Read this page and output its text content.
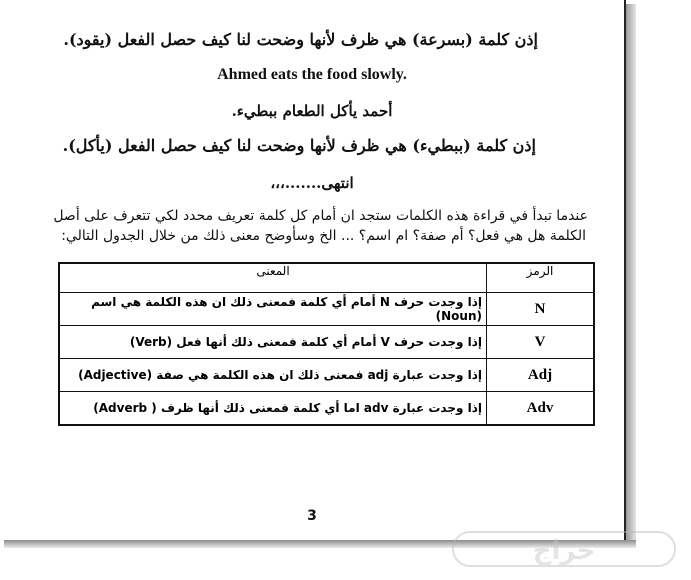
إذن كلمة (بسرعة) هي ظرف لأنها وضحت لنا كيف حصل الفعل (يقود).
Ahmed eats the food slowly.
أحمد يأكل الطعام ببطيء.
إذن كلمة (ببطيء) هي ظرف لأنها وضحت لنا كيف حصل الفعل (يأكل).
انتهى.......،،،
عندما تبدأ في قراءة هذه الكلمات ستجد ان أمام كل كلمة تعريف محدد لكي تتعرف على أصل
الكلمة هل هي فعل؟ أم صفة؟ ام اسم؟ ... الخ وسأوضح معنى ذلك من خلال الجدول التالي:
المعنى	الرمز
إذا وجدت حرف N أمام أي كلمة فمعنى ذلك ان هذه الكلمة هي اسم (Noun)	N
إذا وجدت حرف V أمام أي كلمة فمعنى ذلك أنها فعل (Verb)	V
إذا وجدت عبارة adj فمعنى ذلك ان هذه الكلمة هي صفة (Adjective)	Adj
إذا وجدت عبارة adv اما أي كلمة فمعنى ذلك أنها ظرف ( Adverb)	Adv
3
حراج
